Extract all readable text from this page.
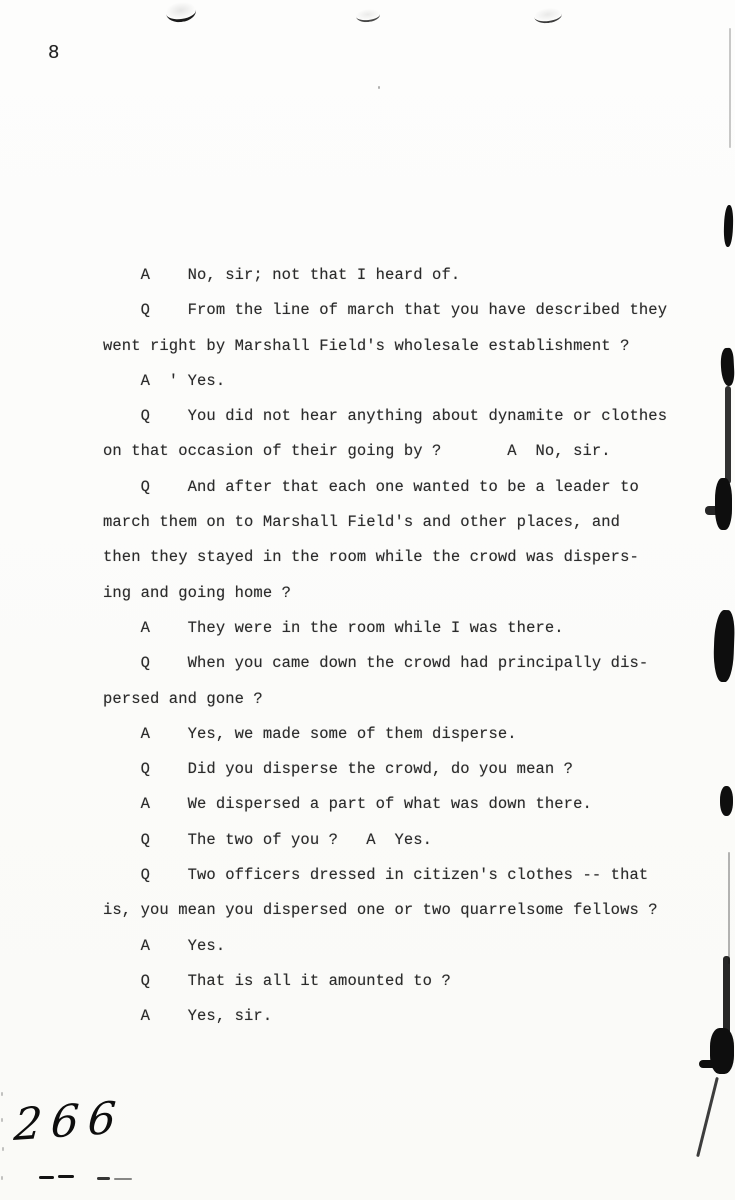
8
A    No, sir; not that I heard of.
Q    From the line of march that you have described they
went right by Marshall Field's wholesale establishment ?
A  ' Yes.
Q    You did not hear anything about dynamite or clothes
on that occasion of their going by ?       A  No, sir.
Q    And after that each one wanted to be a leader to
march them on to Marshall Field's and other places, and
then they stayed in the room while the crowd was dispers-
ing and going home ?
A    They were in the room while I was there.
Q    When you came down the crowd had principally dis-
persed and gone ?
A    Yes, we made some of them disperse.
Q    Did you disperse the crowd, do you mean ?
A    We dispersed a part of what was down there.
Q    The two of you ?   A  Yes.
Q    Two officers dressed in citizen's clothes -- that
is, you mean you dispersed one or two quarrelsome fellows ?
A    Yes.
Q    That is all it amounted to ?
A    Yes, sir.
266
